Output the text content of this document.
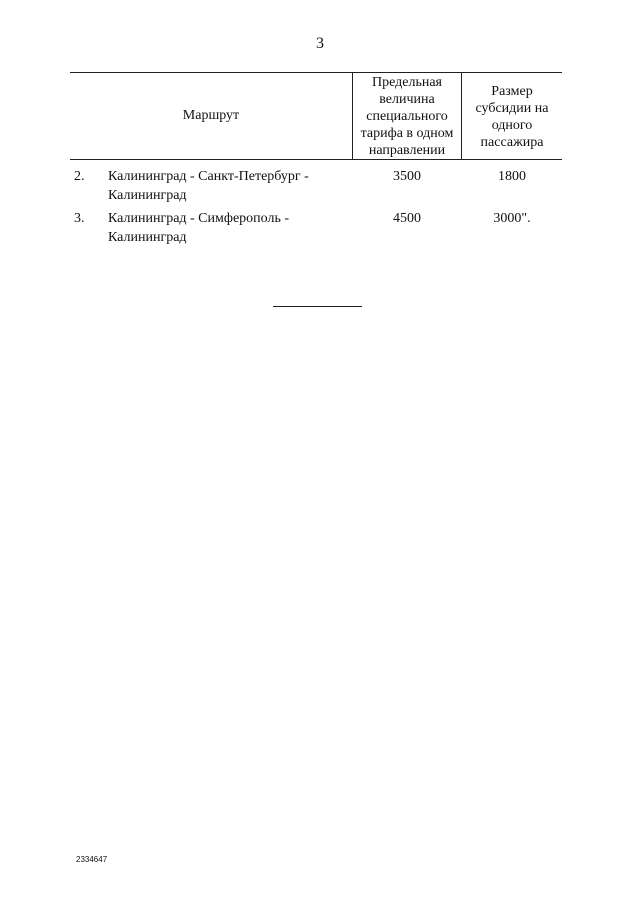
3
Маршрут
Предельная величина специального тарифа в одном направлении
Размер субсидии на одного пассажира
2. Калининград - Санкт-Петербург - Калининград
3500	1800
3. Калининград - Симферополь - Калининград
4500	3000".
2334647
